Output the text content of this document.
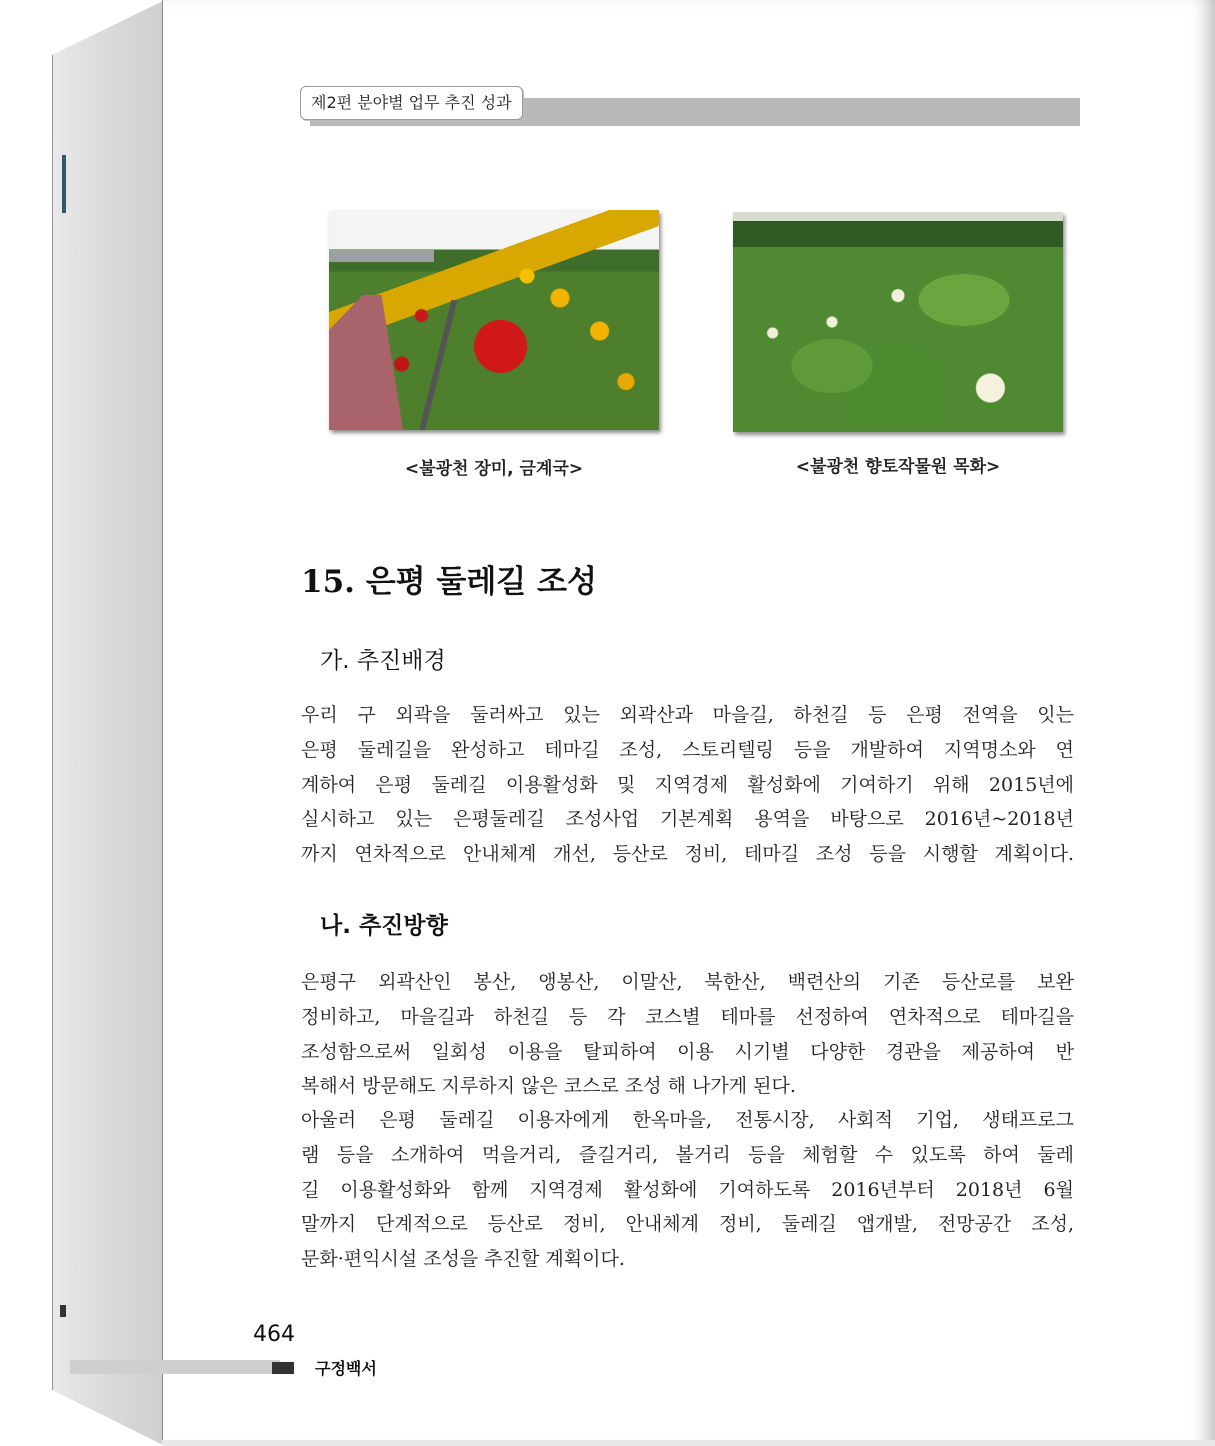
제2편 분야별 업무 추진 성과
<불광천 장미, 금계국>	<불광천 향토작물원 목화>
15. 은평 둘레길 조성
가. 추진배경
우리 구 외곽을 둘러싸고 있는 외곽산과 마을길, 하천길 등 은평 전역을 잇는
은평 둘레길을 완성하고 테마길 조성, 스토리텔링 등을 개발하여 지역명소와 연
계하여 은평 둘레길 이용활성화 및 지역경제 활성화에 기여하기 위해 2015년에
실시하고 있는 은평둘레길 조성사업 기본계획 용역을 바탕으로 2016년~2018년
까지 연차적으로 안내체계 개선, 등산로 정비, 테마길 조성 등을 시행할 계획이다.
나. 추진방향
은평구 외곽산인 봉산, 앵봉산, 이말산, 북한산, 백련산의 기존 등산로를 보완
정비하고, 마을길과 하천길 등 각 코스별 테마를 선정하여 연차적으로 테마길을
조성함으로써 일회성 이용을 탈피하여 이용 시기별 다양한 경관을 제공하여 반
복해서 방문해도 지루하지 않은 코스로 조성 해 나가게 된다.
아울러 은평 둘레길 이용자에게 한옥마을, 전통시장, 사회적 기업, 생태프로그
램 등을 소개하여 먹을거리, 즐길거리, 볼거리 등을 체험할 수 있도록 하여 둘레
길 이용활성화와 함께 지역경제 활성화에 기여하도록 2016년부터 2018년 6월
말까지 단계적으로 등산로 정비, 안내체계 정비, 둘레길 앱개발, 전망공간 조성,
문화·편익시설 조성을 추진할 계획이다.
464
구정백서
